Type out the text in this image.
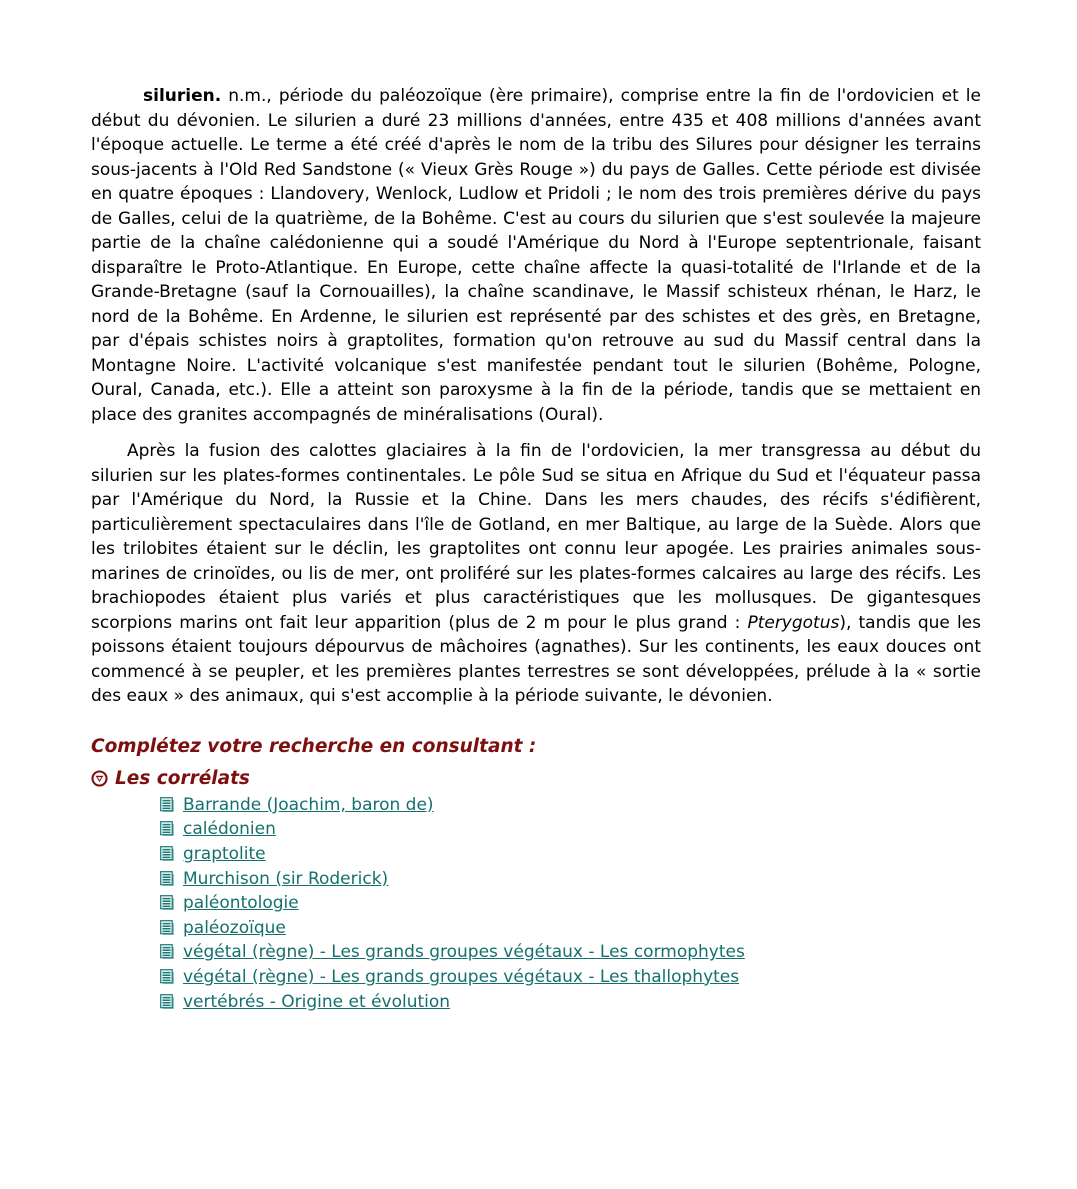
silurien. n.m., période du paléozoïque (ère primaire), comprise entre la fin de l'ordovicien et le début du dévonien. Le silurien a duré 23 millions d'années, entre 435 et 408 millions d'années avant l'époque actuelle. Le terme a été créé d'après le nom de la tribu des Silures pour désigner les terrains sous-jacents à l'Old Red Sandstone (« Vieux Grès Rouge ») du pays de Galles. Cette période est divisée en quatre époques : Llandovery, Wenlock, Ludlow et Pridoli ; le nom des trois premières dérive du pays de Galles, celui de la quatrième, de la Bohême. C'est au cours du silurien que s'est soulevée la majeure partie de la chaîne calédonienne qui a soudé l'Amérique du Nord à l'Europe septentrionale, faisant disparaître le Proto-Atlantique. En Europe, cette chaîne affecte la quasi-totalité de l'Irlande et de la Grande-Bretagne (sauf la Cornouailles), la chaîne scandinave, le Massif schisteux rhénan, le Harz, le nord de la Bohême. En Ardenne, le silurien est représenté par des schistes et des grès, en Bretagne, par d'épais schistes noirs à graptolites, formation qu'on retrouve au sud du Massif central dans la Montagne Noire. L'activité volcanique s'est manifestée pendant tout le silurien (Bohême, Pologne, Oural, Canada, etc.). Elle a atteint son paroxysme à la fin de la période, tandis que se mettaient en place des granites accompagnés de minéralisations (Oural).

Après la fusion des calottes glaciaires à la fin de l'ordovicien, la mer transgressa au début du silurien sur les plates-formes continentales. Le pôle Sud se situa en Afrique du Sud et l'équateur passa par l'Amérique du Nord, la Russie et la Chine. Dans les mers chaudes, des récifs s'édifièrent, particulièrement spectaculaires dans l'île de Gotland, en mer Baltique, au large de la Suède. Alors que les trilobites étaient sur le déclin, les graptolites ont connu leur apogée. Les prairies animales sous-marines de crinoïdes, ou lis de mer, ont proliféré sur les plates-formes calcaires au large des récifs. Les brachiopodes étaient plus variés et plus caractéristiques que les mollusques. De gigantesques scorpions marins ont fait leur apparition (plus de 2 m pour le plus grand : Pterygotus), tandis que les poissons étaient toujours dépourvus de mâchoires (agnathes). Sur les continents, les eaux douces ont commencé à se peupler, et les premières plantes terrestres se sont développées, prélude à la « sortie des eaux » des animaux, qui s'est accomplie à la période suivante, le dévonien.

Complétez votre recherche en consultant :
Les corrélats
Barrande (Joachim, baron de)
calédonien
graptolite
Murchison (sir Roderick)
paléontologie
paléozoïque
végétal (règne) - Les grands groupes végétaux - Les cormophytes
végétal (règne) - Les grands groupes végétaux - Les thallophytes
vertébrés - Origine et évolution
